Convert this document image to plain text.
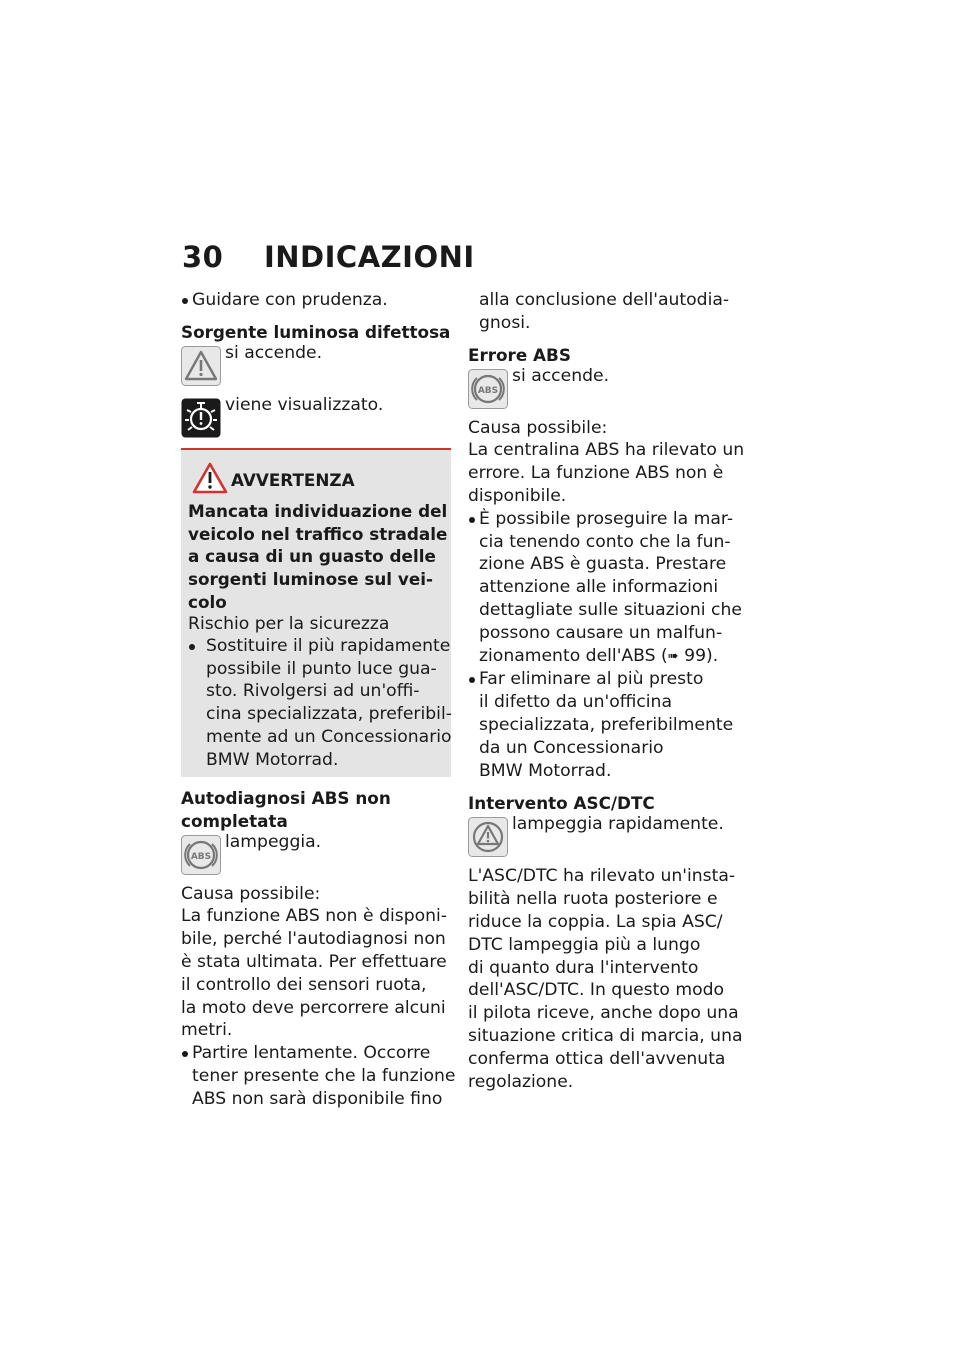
30 INDICAZIONI

Guidare con prudenza.

Sorgente luminosa difettosa

si accende.
viene visualizzato.
AVVERTENZA

Mancata individuazione del

veicolo nel traffico stradale

a causa di un guasto delle

sorgenti luminose sul vei-

colo

Rischio per la sicurezza

Sostituire il più rapidamente

possibile il punto luce gua-

sto. Rivolgersi ad un'offi-

cina specializzata, preferibil-

mente ad un Concessionario

BMW Motorrad.

Autodiagnosi ABS non

completata

ABS
lampeggia.

Causa possibile:

La funzione ABS non è disponi-

bile, perché l'autodiagnosi non

è stata ultimata. Per effettuare

il controllo dei sensori ruota,

la moto deve percorrere alcuni

metri.

Partire lentamente. Occorre

tener presente che la funzione

ABS non sarà disponibile fino

alla conclusione dell'autodia-

gnosi.

Errore ABS

ABS
si accende.

Causa possibile:

La centralina ABS ha rilevato un

errore. La funzione ABS non è

disponibile.

È possibile proseguire la mar-

cia tenendo conto che la fun-

zione ABS è guasta. Prestare

attenzione alle informazioni

dettagliate sulle situazioni che

possono causare un malfun-

zionamento dell'ABS (➠ 99).

Far eliminare al più presto

il difetto da un'officina

specializzata, preferibilmente

da un Concessionario

BMW Motorrad.

Intervento ASC/DTC

lampeggia rapidamente.

L'ASC/DTC ha rilevato un'insta-

bilità nella ruota posteriore e

riduce la coppia. La spia ASC/

DTC lampeggia più a lungo

di quanto dura l'intervento

dell'ASC/DTC. In questo modo

il pilota riceve, anche dopo una

situazione critica di marcia, una

conferma ottica dell'avvenuta

regolazione.
